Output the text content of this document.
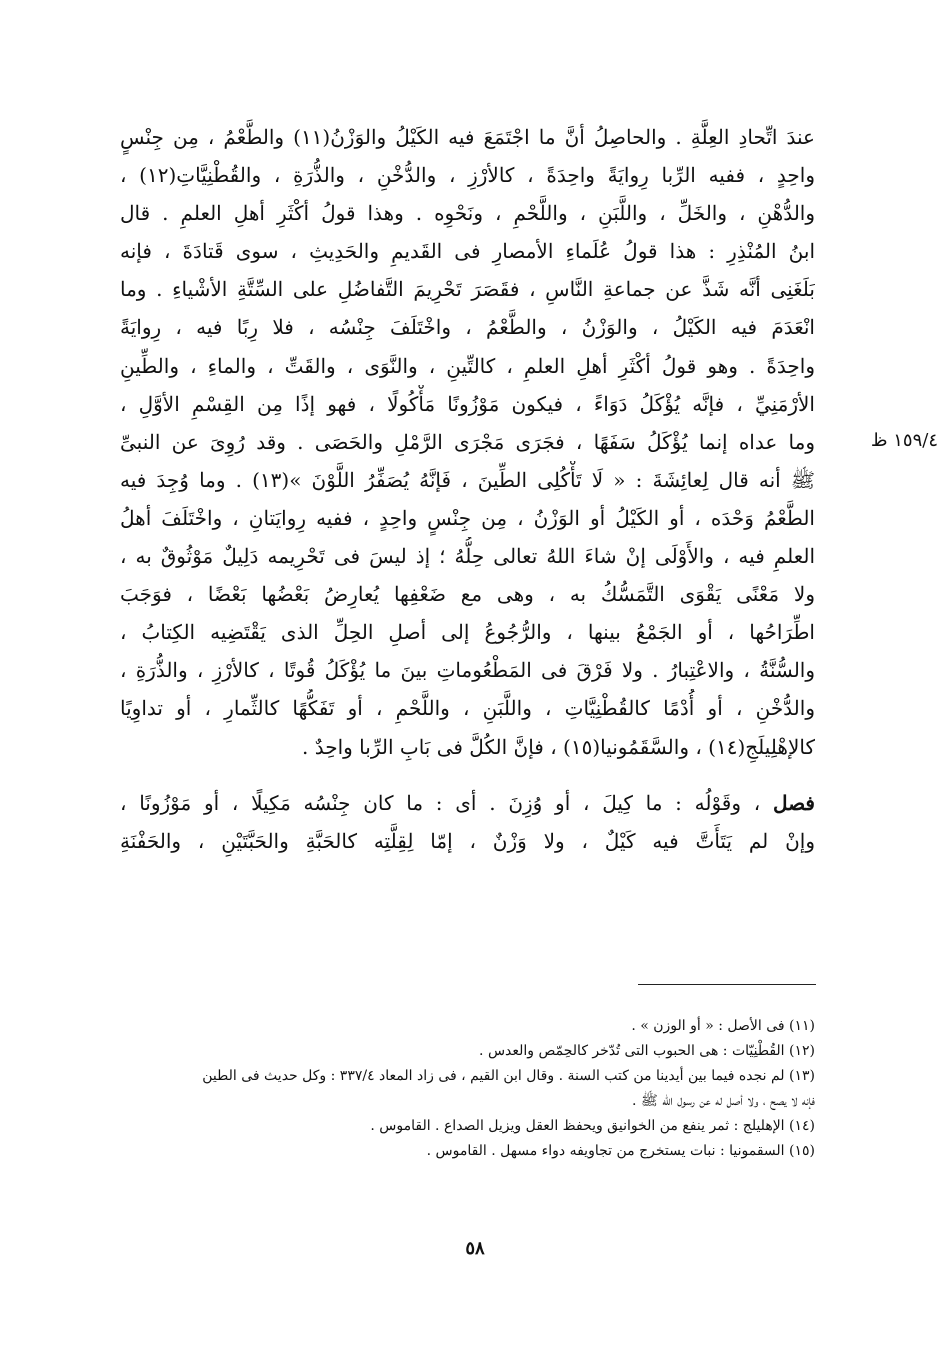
عندَ اتِّحادِ العِلَّةِ . والحاصِلُ أنَّ ما اجْتَمَعَ فيه الكَيْلُ والوَزْنُ(١١) والطَّعْمُ ، مِن جِنْسٍ
واحِدٍ ، ففيه الرِّبا رِوايَةً واحِدَةً ، كالأرْزِ ، والدُّخْنِ ، والذُّرَةِ ، والقُطْنِيَّاتِ(١٢) ،
والدُّهْنِ ، والخَلِّ ، واللَّبَنِ ، واللَّحْمِ ، ونَحْوِه . وهذا قولُ أكْثَرِ أهلِ العلمِ . قال
ابنُ المُنْذِرِ : هذا قولُ عُلَماءِ الأمصارِ فى القَديمِ والحَدِيثِ ، سوى قَتادَةَ ، فإنه
بَلَغَنِى أنَّه شَذَّ عن جماعةِ النَّاسِ ، فقَصَرَ تَحْرِيمَ التَّفاضُلِ على السِّتَّةِ الأشْياءِ . وما
انْعَدَمَ فيه الكَيْلُ ، والوَزْنُ ، والطَّعْمُ ، واخْتَلَفَ جِنْسُه ، فلا رِبًا فيه ، رِوايَةً
واحِدَةً . وهو قولُ أكْثَرِ أهلِ العلمِ ، كالتِّينِ ، والنَّوَى ، والقَتِّ ، والماءِ ، والطِّينِ
الأرْمَنِيِّ ، فإنَّه يُؤْكَلُ دَوَاءً ، فيكون مَوْزُونًا مَأْكُولًا ، فهو إذًا مِن القِسْمِ الأوَّلِ ،
وما عداه إنما يُؤْكَلُ سَفَهًا ، فجَرَى مَجْرَى الرَّمْلِ والحَصَى . وقد رُوِىَ عن النبىِّ
ﷺ أنه قال لِعائِشَةَ : « لَا تَأْكُلِى الطِّينَ ، فَإنَّهُ يُصَفِّرُ اللَّوْنَ »(١٣) . وما وُجِدَ فيه
الطَّعْمُ وَحْدَه ، أو الكَيْلُ أو الوَزْنُ ، مِن جِنْسٍ واحِدٍ ، ففيه رِوايَتانِ ، واخْتَلَفَ أهلُ
العلمِ فيه ، والأَوْلَى إنْ شاءَ اللهُ تعالى حِلُّهُ ؛ إذ ليسَ فى تَحْرِيمه دَلِيلٌ مَوْثُوقٌ به ،
ولا مَعْنًى يَقْوَى التَّمَسُّكُ به ، وهى مع ضَعْفِها يُعارِضُ بَعْضُها بَعْضًا ، فوَجَبَ
اطِّرَاحُها ، أو الجَمْعُ بينها ، والرُّجُوعُ إلى أصلِ الحِلِّ الذى يَقْتَضِيه الكِتابُ ،
والسُّنَّةُ ، والاعْتِبارُ . ولا فَرْقَ فى المَطْعُوماتِ بينَ ما يُؤْكَلُ قُوتًا ، كالأرْزِ ، والذُّرَةِ ،
والدُّخْنِ ، أو أُدْمًا كالقُطْنِيَّاتِ ، واللَّبَنِ ، واللَّحْمِ ، أو تَفَكُّهًا كالثِّمارِ ، أو تداوِيًا
كالإهْلِيلَجِ(١٤) ، والسَّقَمُونيا(١٥) ، فإنَّ الكُلَّ فى بَابِ الرِّبا واحِدٌ .
فصل ، وقَوْلُه : ما كِيلَ ، أو وُزِنَ . أى : ما كان جِنْسُه مَكِيلًا ، أو مَوْزُونًا ،
وإنْ لم يَتَأَتَّ فيه كَيْلٌ ، ولا وَزْنٌ ، إمّا لِقِلَّتِه كالحَبَّةِ والحَبَّتَيْنِ ، والحَفْنَةِ
١٥٩/٤ ظ
(١١) فى الأصل : « أو الوزن » .
(١٢) القُطْنِيّات : هى الحبوب التى تُدّخر كالحِمّص والعدس .
(١٣) لم نجده فيما بين أيدينا من كتب السنة . وقال ابن القيم ، فى زاد المعاد ٣٣٧/٤ : وكل حديث فى الطين
فإنه لا يصح ، ولا أصل له عن رسول الله ﷺ .
(١٤) الإهليلج : ثمر ينفع من الخوانيق ويحفظ العقل ويزيل الصداع . القاموس .
(١٥) السقمونيا : نبات يستخرج من تجاويفه دواء مسهل . القاموس .
٥٨
